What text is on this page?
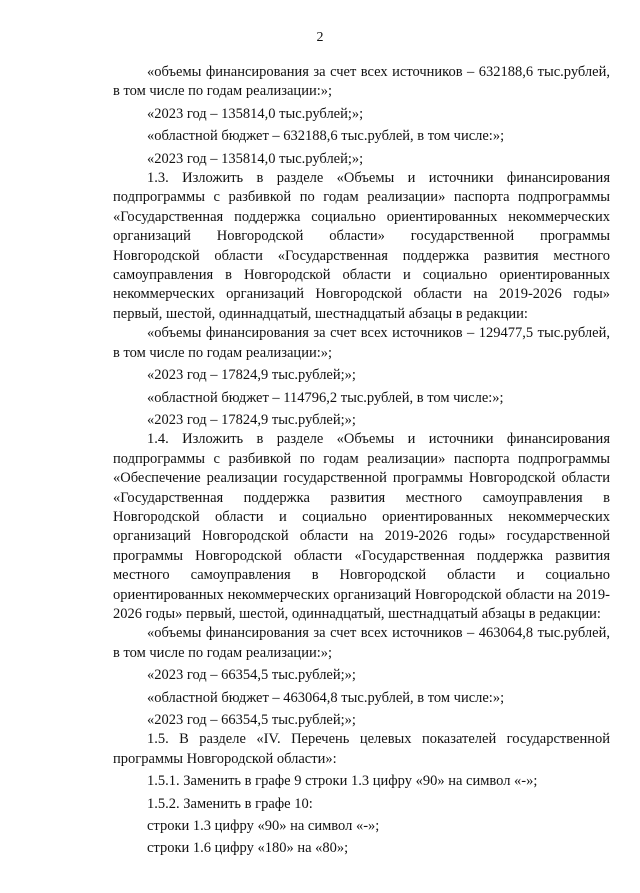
2

«объемы финансирования за счет всех источников – 632188,6 тыс.рублей, в том числе по годам реализации:»;

«2023 год – 135814,0 тыс.рублей;»;

«областной бюджет – 632188,6 тыс.рублей, в том числе:»;

«2023 год – 135814,0 тыс.рублей;»;

1.3. Изложить в разделе «Объемы и источники финансирования подпрограммы с разбивкой по годам реализации» паспорта подпрограммы «Государственная поддержка социально ориентированных некоммерческих организаций Новгородской области» государственной программы Новгородской области «Государственная поддержка развития местного самоуправления в Новгородской области и социально ориентированных некоммерческих организаций Новгородской области на 2019-2026 годы» первый, шестой, одиннадцатый, шестнадцатый абзацы в редакции:

«объемы финансирования за счет всех источников – 129477,5 тыс.рублей, в том числе по годам реализации:»;

«2023 год – 17824,9 тыс.рублей;»;

«областной бюджет – 114796,2 тыс.рублей, в том числе:»;

«2023 год – 17824,9 тыс.рублей;»;

1.4. Изложить в разделе «Объемы и источники финансирования подпрограммы с разбивкой по годам реализации» паспорта подпрограммы «Обеспечение реализации государственной программы Новгородской области «Государственная поддержка развития местного самоуправления в Новгородской области и социально ориентированных некоммерческих организаций Новгородской области на 2019-2026 годы» государственной программы Новгородской области «Государственная поддержка развития местного самоуправления в Новгородской области и социально ориентированных некоммерческих организаций Новгородской области на 2019-2026 годы» первый, шестой, одиннадцатый, шестнадцатый абзацы в редакции:

«объемы финансирования за счет всех источников – 463064,8 тыс.рублей, в том числе по годам реализации:»;

«2023 год – 66354,5 тыс.рублей;»;

«областной бюджет – 463064,8 тыс.рублей, в том числе:»;

«2023 год – 66354,5 тыс.рублей;»;

1.5. В разделе «IV. Перечень целевых показателей государственной программы Новгородской области»:

1.5.1. Заменить в графе 9 строки 1.3 цифру «90» на символ «-»;

1.5.2. Заменить в графе 10:

строки 1.3 цифру «90» на символ «-»;

строки 1.6 цифру «180» на «80»;
